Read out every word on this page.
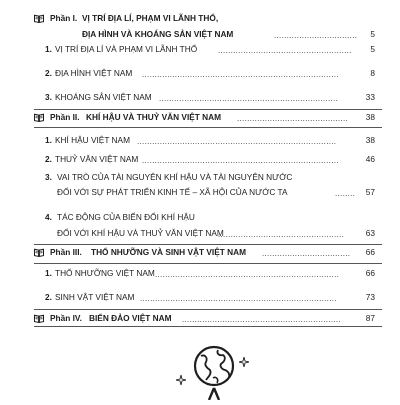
Phần I. VỊ TRÍ ĐỊA LÍ, PHẠM VI LÃNH THỔ,
ĐỊA HÌNH VÀ KHOÁNG SẢN VIỆT NAM	.................................	5
1. VỊ TRÍ ĐỊA LÍ VÀ PHẠM VI LÃNH THỔ	.....................................................	5
2. ĐỊA HÌNH VIỆT NAM ..............................................................................	8
3. KHOÁNG SẢN VIỆT NAM .......................................................................	33
Phần II. KHÍ HẬU VÀ THUỶ VĂN VIỆT NAM ............................................	38
1. KHÍ HẬU VIỆT NAM ...............................................................................	38
2. THUỶ VĂN VIỆT NAM ..............................................................................	46
3. VAI TRÒ CỦA TÀI NGUYÊN KHÍ HẬU VÀ TÀI NGUYÊN NƯỚC
ĐỐI VỚI SỰ PHÁT TRIỂN KINH TẾ – XÃ HỘI CỦA NƯỚC TA	........	57
4. TÁC ĐỘNG CỦA BIẾN ĐỔI KHÍ HẬU
ĐỐI VỚI KHÍ HẬU VÀ THUỶ VĂN VIỆT NAM
..................................................	63
Phần III. THỔ NHƯỠNG VÀ SINH VẬT VIỆT NAM ...................................	66
1. THỔ NHƯỠNG VIỆT NAM .........................................................................	66
2. SINH VẬT VIỆT NAM ..............................................................................	73
Phần IV. BIỂN ĐẢO VIỆT NAM ...............................................................	87
